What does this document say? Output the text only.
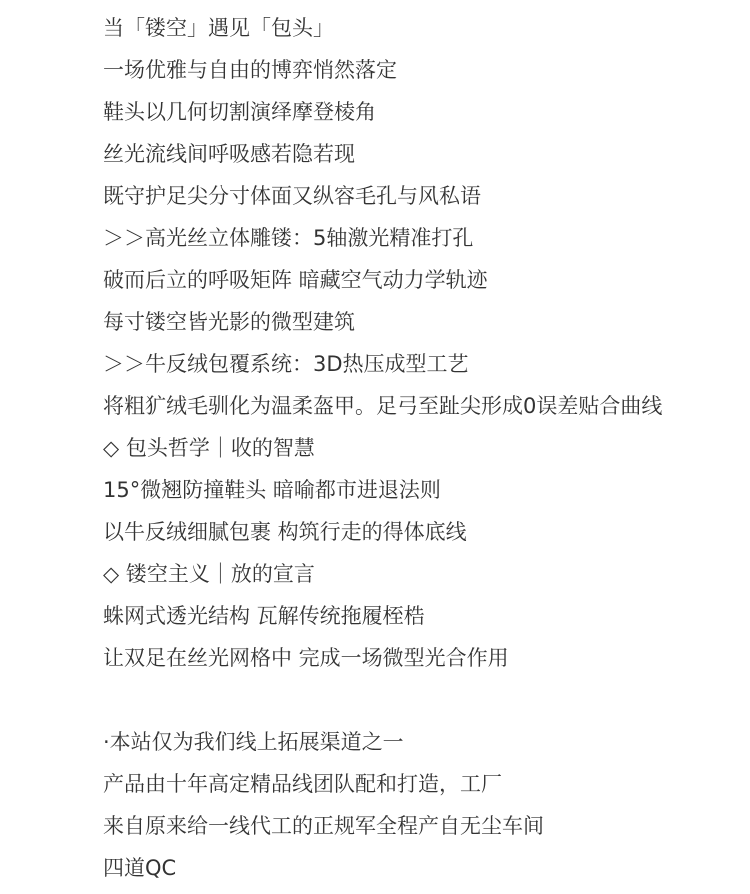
当「镂空」遇见「包头」
一场优雅与自由的博弈悄然落定
鞋头以几何切割演绎摩登棱角
丝光流线间呼吸感若隐若现
既守护足尖分寸体面又纵容毛孔与风私语
＞＞高光丝立体雕镂：5轴激光精准打孔
破而后立的呼吸矩阵 暗藏空气动力学轨迹
每寸镂空皆光影的微型建筑
＞＞牛反绒包覆系统：3D热压成型工艺
将粗犷绒毛驯化为温柔盔甲。足弓至趾尖形成0误差贴合曲线
◇ 包头哲学｜收的智慧
15°微翘防撞鞋头 暗喻都市进退法则
以牛反绒细腻包裹 构筑行走的得体底线
◇ 镂空主义｜放的宣言
蛛网式透光结构 瓦解传统拖履桎梏
让双足在丝光网格中 完成一场微型光合作用
·本站仅为我们线上拓展渠道之一
产品由十年高定精品线团队配和打造，工厂
来自原来给一线代工的正规军全程产自无尘车间
四道QC
